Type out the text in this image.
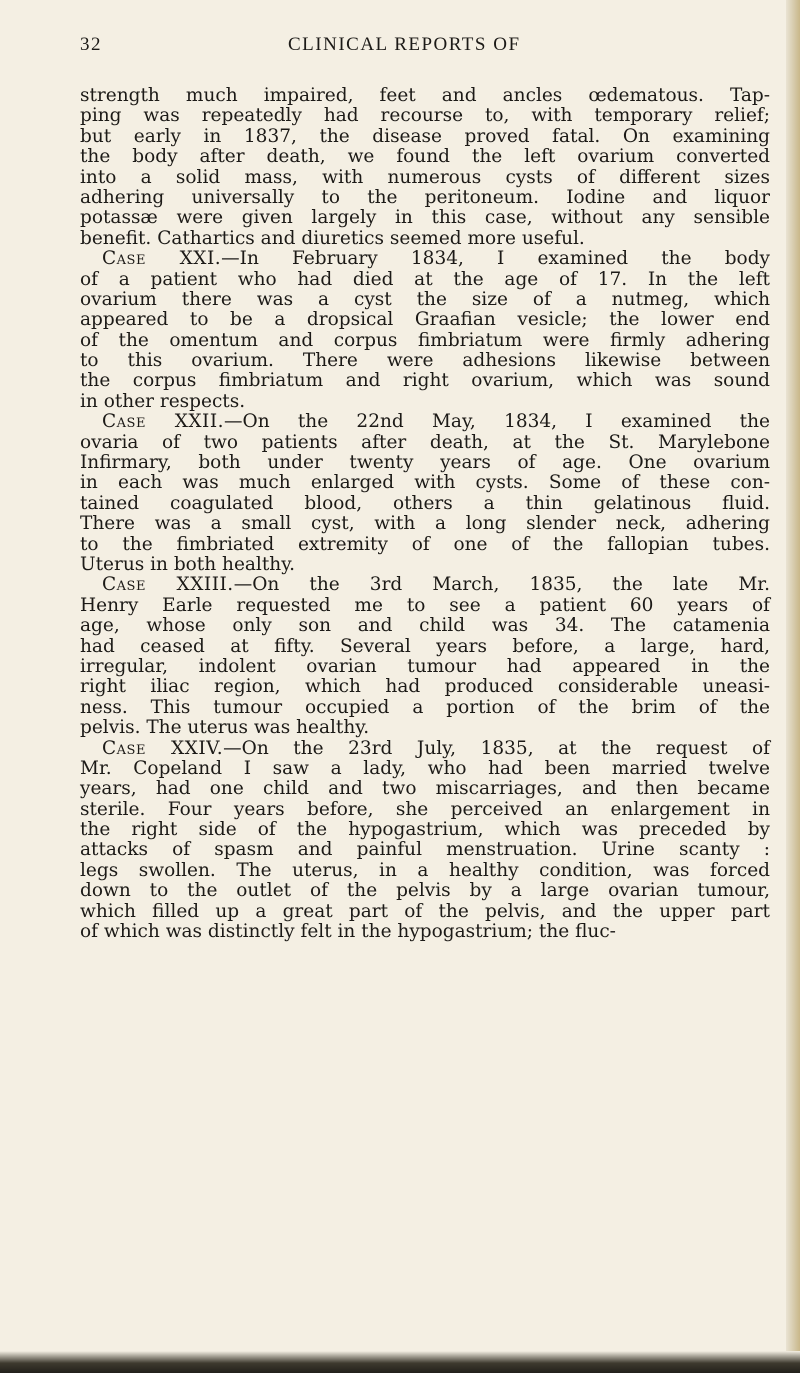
32	CLINICAL REPORTS OF
strength much impaired, feet and ancles œdematous. Tap-
ping was repeatedly had recourse to, with temporary relief;
but early in 1837, the disease proved fatal. On examining
the body after death, we found the left ovarium converted
into a solid mass, with numerous cysts of different sizes
adhering universally to the peritoneum. Iodine and liquor
potassæ were given largely in this case, without any sensible
benefit. Cathartics and diuretics seemed more useful.
Case XXI.—In February 1834, I examined the body
of a patient who had died at the age of 17. In the left
ovarium there was a cyst the size of a nutmeg, which
appeared to be a dropsical Graafian vesicle; the lower end
of the omentum and corpus fimbriatum were firmly adhering
to this ovarium. There were adhesions likewise between
the corpus fimbriatum and right ovarium, which was sound
in other respects.
Case XXII.—On the 22nd May, 1834, I examined the
ovaria of two patients after death, at the St. Marylebone
Infirmary, both under twenty years of age. One ovarium
in each was much enlarged with cysts. Some of these con-
tained coagulated blood, others a thin gelatinous fluid.
There was a small cyst, with a long slender neck, adhering
to the fimbriated extremity of one of the fallopian tubes.
Uterus in both healthy.
Case XXIII.—On the 3rd March, 1835, the late Mr.
Henry Earle requested me to see a patient 60 years of
age, whose only son and child was 34. The catamenia
had ceased at fifty. Several years before, a large, hard,
irregular, indolent ovarian tumour had appeared in the
right iliac region, which had produced considerable uneasi-
ness. This tumour occupied a portion of the brim of the
pelvis. The uterus was healthy.
Case XXIV.—On the 23rd July, 1835, at the request of
Mr. Copeland I saw a lady, who had been married twelve
years, had one child and two miscarriages, and then became
sterile. Four years before, she perceived an enlargement in
the right side of the hypogastrium, which was preceded by
attacks of spasm and painful menstruation. Urine scanty :
legs swollen. The uterus, in a healthy condition, was forced
down to the outlet of the pelvis by a large ovarian tumour,
which filled up a great part of the pelvis, and the upper part
of which was distinctly felt in the hypogastrium; the fluc-
